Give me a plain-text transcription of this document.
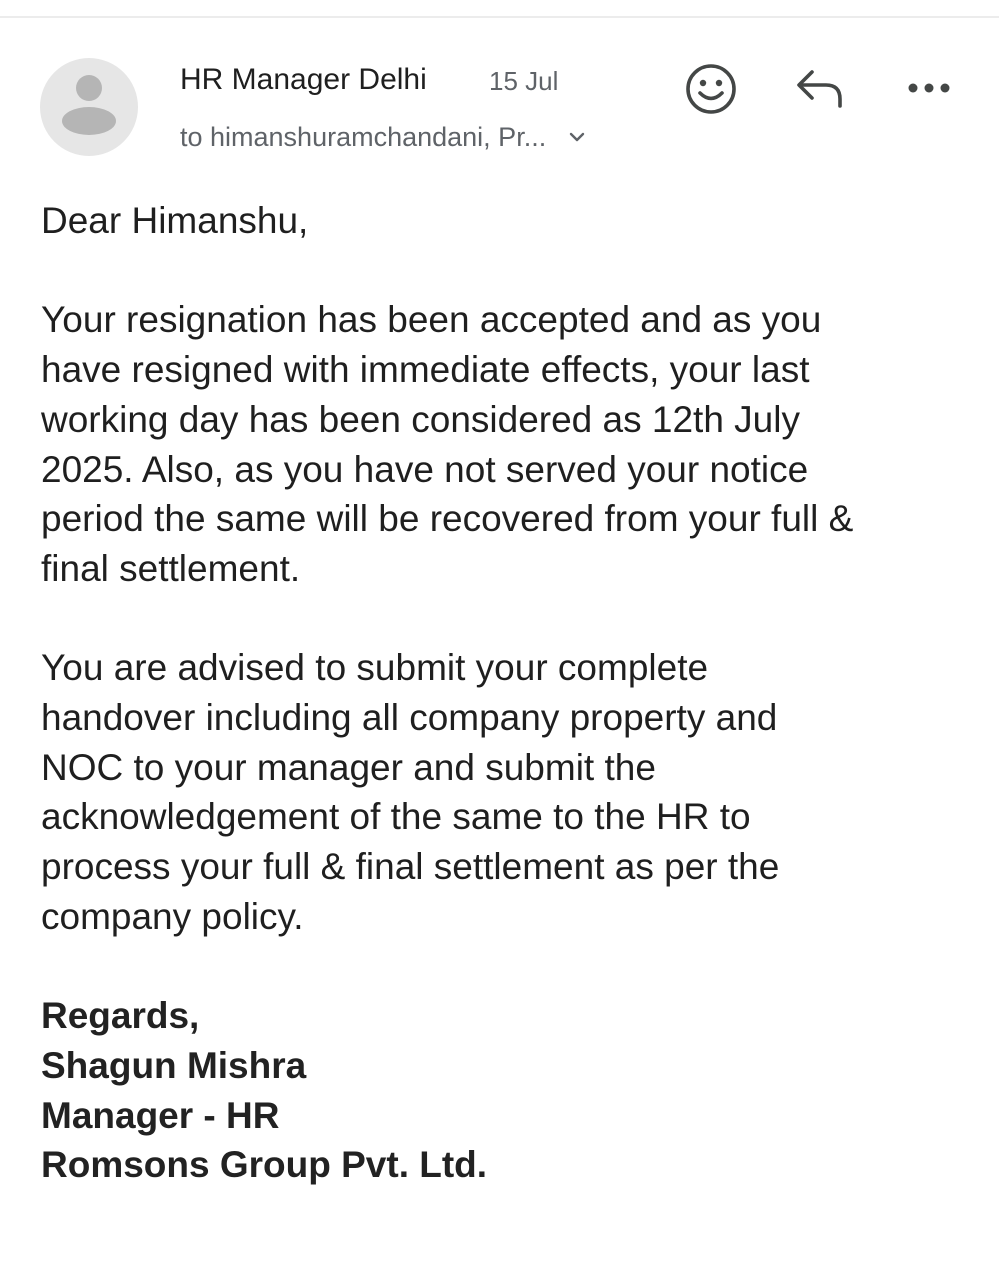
HR Manager Delhi 15 Jul
to himanshuramchandani, Pr...

Dear Himanshu,

Your resignation has been accepted and as you
have resigned with immediate effects, your last
working day has been considered as 12th July
2025. Also, as you have not served your notice
period the same will be recovered from your full &
final settlement.

You are advised to submit your complete
handover including all company property and
NOC to your manager and submit the
acknowledgement of the same to the HR to
process your full & final settlement as per the
company policy.

Regards,
Shagun Mishra
Manager - HR
Romsons Group Pvt. Ltd.
